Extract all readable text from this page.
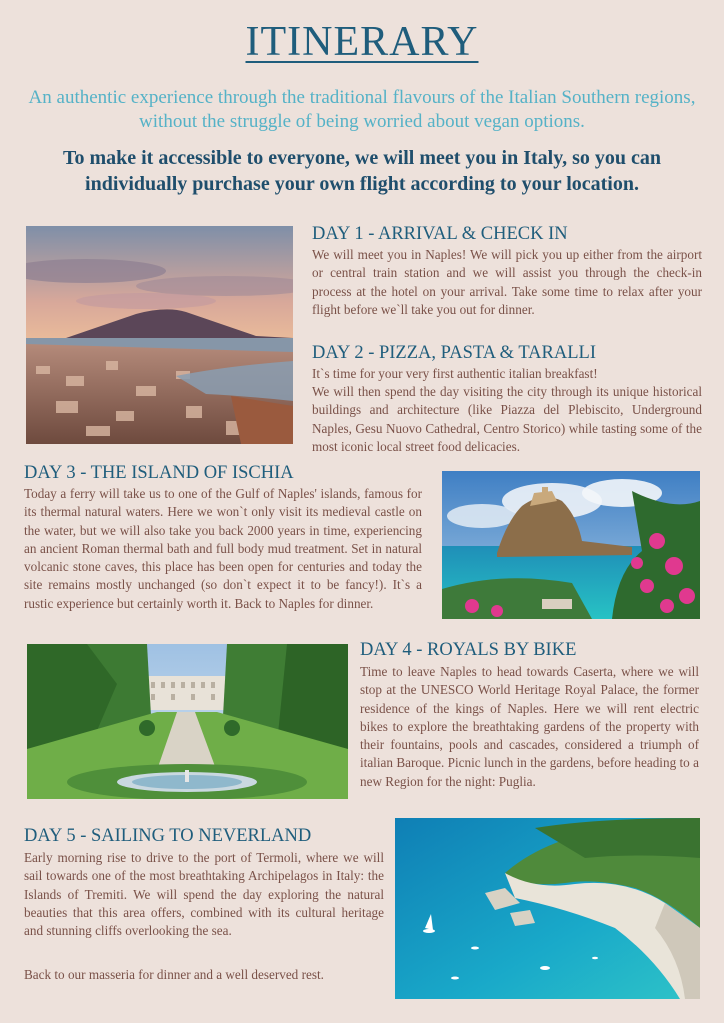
ITINERARY
An authentic experience through the traditional flavours of the Italian Southern regions, without the struggle of being worried about vegan options.
To make it accessible to everyone, we will meet you in Italy, so you can individually purchase your own flight according to your location.
DAY 1 - ARRIVAL & CHECK IN
We will meet you in Naples! We will pick you up either from the airport or central train station and we will assist you through the check-in process at the hotel on your arrival. Take some time to relax after your flight before we`ll take you out for dinner.
DAY 2 - PIZZA, PASTA & TARALLI
It`s time for your very first authentic italian breakfast!
We will then spend the day visiting the city through its unique historical buildings and architecture (like Piazza del Plebiscito, Underground Naples, Gesu Nuovo Cathedral, Centro Storico) while tasting some of the most iconic local street food delicacies.
DAY 3 - THE ISLAND OF ISCHIA
Today a ferry will take us to one of the Gulf of Naples' islands, famous for its thermal natural waters. Here we won`t only visit its medieval castle on the water, but we will also take you back 2000 years in time, experiencing an ancient Roman thermal bath and full body mud treatment. Set in natural volcanic stone caves, this place has been open for centuries and today the site remains mostly unchanged (so don`t expect it to be fancy!). It`s a rustic experience but certainly worth it. Back to Naples for dinner.
DAY 4 - ROYALS BY BIKE
Time to leave Naples to head towards Caserta, where we will stop at the UNESCO World Heritage Royal Palace, the former residence of the kings of Naples. Here we will rent electric bikes to explore the breathtaking gardens of the property with their fountains, pools and cascades, considered a triumph of italian Baroque. Picnic lunch in the gardens, before heading to a new Region for the night: Puglia.
DAY 5 - SAILING TO NEVERLAND
Early morning rise to drive to the port of Termoli, where we will sail towards one of the most breathtaking Archipelagos in Italy: the Islands of Tremiti. We will spend the day exploring the natural beauties that this area offers, combined with its cultural heritage and stunning cliffs overlooking the sea.
Back to our masseria for dinner and a well deserved rest.
